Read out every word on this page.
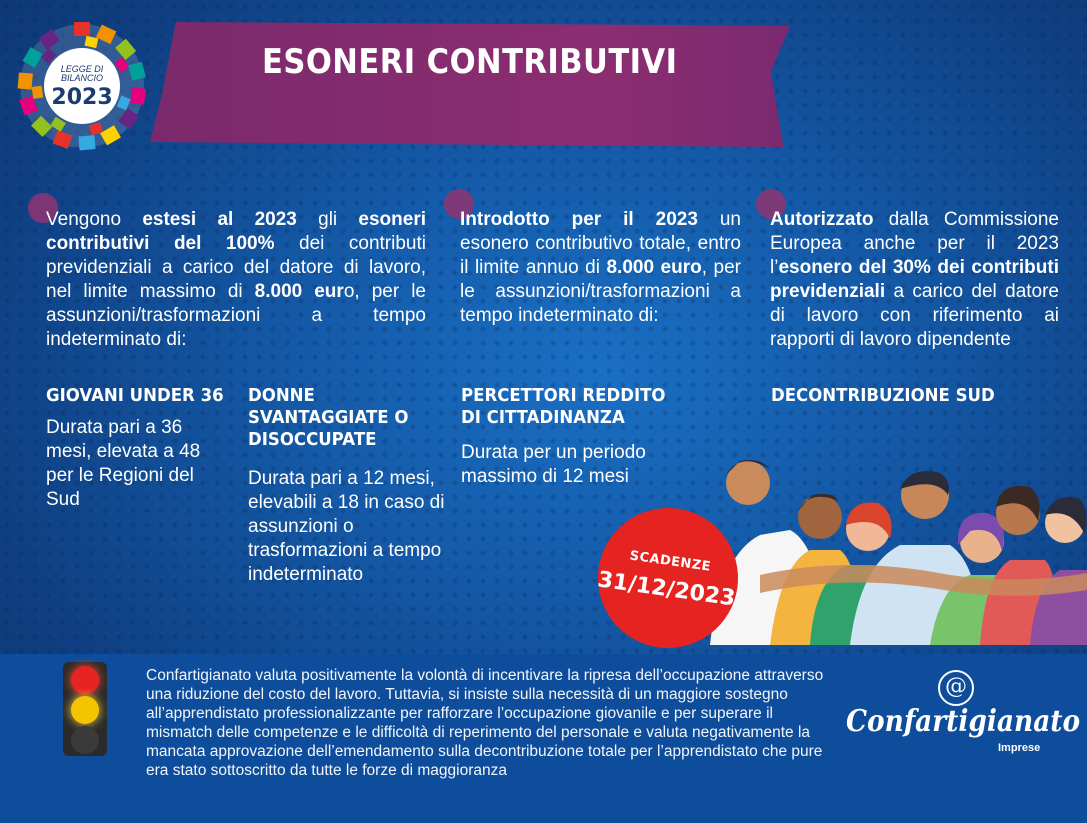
LEGGE DI
BILANCIO
2023
ESONERI CONTRIBUTIVI
Vengono estesi al 2023 gli esoneri contributivi del 100% dei contributi previdenziali a carico del datore di lavoro, nel limite massimo di 8.000 euro, per le assunzioni/trasformazioni a tempo indeterminato di:
Introdotto per il 2023 un esonero contributivo totale, entro il limite annuo di 8.000 euro, per le assunzioni/trasformazioni a tempo indeterminato di:
Autorizzato dalla Commissione Europea anche per il 2023 l’esonero del 30% dei contributi previdenziali a carico del datore di lavoro con riferimento ai rapporti di lavoro dipendente
GIOVANI UNDER 36
Durata pari a 36 mesi, elevata a 48 per le Regioni del Sud
DONNE SVANTAGGIATE O DISOCCUPATE
Durata pari a 12 mesi, elevabili a 18 in caso di assunzioni o trasformazioni a tempo indeterminato
PERCETTORI REDDITO DI CITTADINANZA
Durata per un periodo massimo di 12 mesi
DECONTRIBUZIONE SUD
SCADENZE
31/12/2023
Confartigianato valuta positivamente la volontà di incentivare la ripresa dell’occupazione attraverso una riduzione del costo del lavoro. Tuttavia, si insiste sulla necessità di un maggiore sostegno all’apprendistato professionalizzante per rafforzare l’occupazione giovanile e per superare il mismatch delle competenze e le difficoltà di reperimento del personale e valuta negativamente la mancata approvazione dell’emendamento sulla decontribuzione totale per l’apprendistato che pure era stato sottoscritto da tutte le forze di maggioranza
@
Confartigianato
Imprese
